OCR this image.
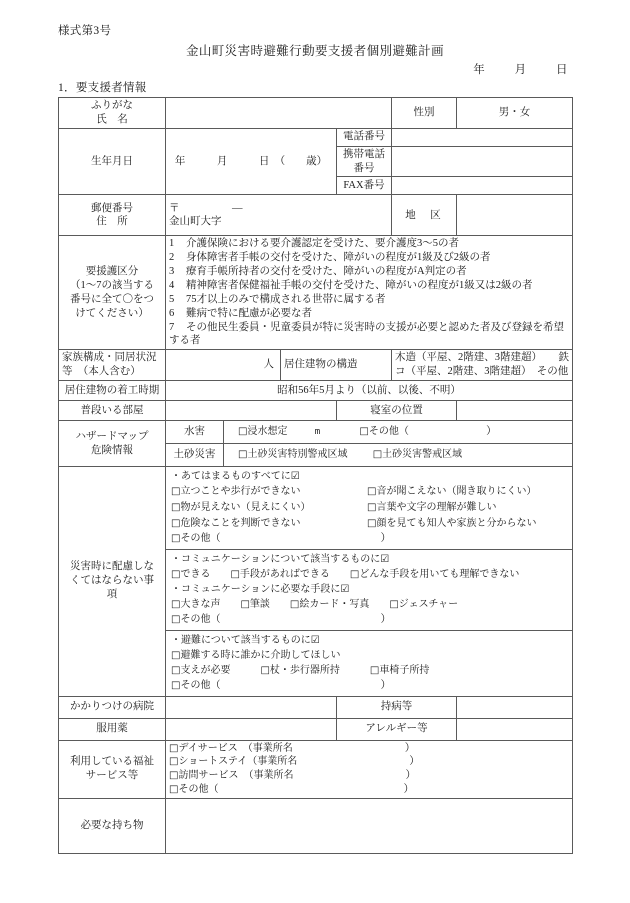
様式第3号
金山町災害時避難行動要支援者個別避難計画
年	月	日
1．要支援者情報
ふりがな
氏　名					性別	男・女
生年月日	年　　　月　　　日　（　　歳）			電話番号		
				携帯電話番号		
				FAX番号		

郵便番号
住　所

〒　　　　　―
金山町大字
	地　区	

要援護区分
（1～7の該当する
番号に全て〇をつ
けてください）

1 介護保険における要介護認定を受けた、要介護度3～5の者
2 身体障害者手帳の交付を受けた、障がいの程度が1級及び2級の者
3 療育手帳所持者の交付を受けた、障がいの程度がA判定の者
4 精神障害者保健福祉手帳の交付を受けた、障がいの程度が1級又は2級の者
5 75才以上のみで構成される世帯に属する者
6 難病で特に配慮が必要な者
7 その他民生委員・児童委員が特に災害時の支援が必要と認めた者及び登録を希望する者

家族構成・同居状況
等　（本人含む）
	人	居住建物の構造	
木造（平屋、2階建、3階建超） 鉄
コ（平屋、2階建、3階建超）　その他

居住建物の着工時期	昭和56年5月より（以前、以後、不明）					
普段いる部屋				寝室の位置		

ハザードマップ
危険情報	水害	□浸水想定 m □その他（ ）				
	土砂災害	□土砂災害特別警戒区域 □土砂災害警戒区域				

災害時に配慮しな
くてはならない事
項

・あてはまるものすべてに☑
□立つことや歩行ができない	□音が聞こえない（聞き取りにくい）
□物が見えない（見えにくい）	□言葉や文字の理解が難しい
□危険なことを判断できない	□顔を見ても知人や家族と分からない
□その他（	）
・コミュニケーションについて該当するものに☑
□できる　　□手段があればできる　　□どんな手段を用いても理解できない
・コミュニケーションに必要な手段に☑
□大きな声　　□筆談　　□絵カード・写真　　□ジェスチャー
□その他（	）
・避難について該当するものに☑
□避難する時に誰かに介助してほしい
□支えが必要　　　□杖・歩行器所持　　　□車椅子所持
□その他（	）

かかりつけの病院				持病等		
服用薬				アレルギー等		

利用している福祉
サービス等

□デイサービス　（事業所名	）
□ショートステイ（事業所名	）
□訪問サービス　（事業所名	）
□その他（	）

必要な持ち物						
